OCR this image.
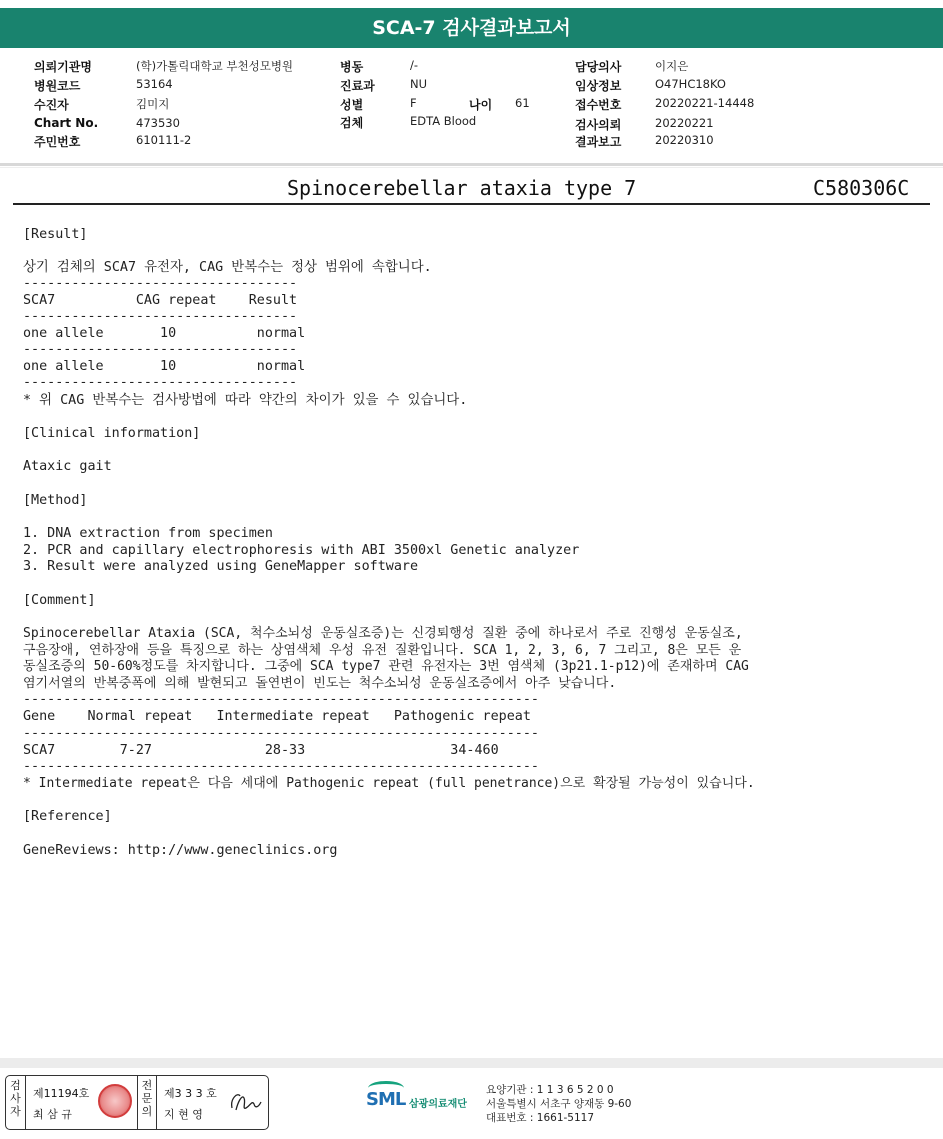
SCA-7 검사결과보고서
의뢰기관명	(학)가톨릭대학교 부천성모병원
병원코드	53164
수진자	김미지
Chart No.	473530
주민번호	610111-2
병동	/-
진료과	NU
성별	F	나이 61
검체	EDTA Blood
담당의사	이지은
임상정보	O47HC18KO
접수번호	20220221-14448
검사의뢰	20220221
결과보고	20220310
Spinocerebellar ataxia type 7	C580306C
[Result]
상기 검체의 SCA7 유전자, CAG 반복수는 정상 범위에 속합니다.
----------------------------------
SCA7          CAG repeat    Result
----------------------------------
one allele       10          normal
----------------------------------
one allele       10          normal
----------------------------------
* 위 CAG 반복수는 검사방법에 따라 약간의 차이가 있을 수 있습니다.
[Clinical information]
Ataxic gait
[Method]
1. DNA extraction from specimen
2. PCR and capillary electrophoresis with ABI 3500xl Genetic analyzer
3. Result were analyzed using GeneMapper software
[Comment]
Spinocerebellar Ataxia (SCA, 척수소뇌성 운동실조증)는 신경퇴행성 질환 중에 하나로서 주로 진행성 운동실조,
구음장애, 연하장애 등을 특징으로 하는 상염색체 우성 유전 질환입니다. SCA 1, 2, 3, 6, 7 그리고, 8은 모든 운
동실조증의 50-60%정도를 차지합니다. 그중에 SCA type7 관련 유전자는 3번 염색체 (3p21.1-p12)에 존재하며 CAG
염기서열의 반복중폭에 의해 발현되고 돌연변이 빈도는 척수소뇌성 운동실조증에서 아주 낮습니다.
----------------------------------------------------------------
Gene    Normal repeat   Intermediate repeat   Pathogenic repeat
----------------------------------------------------------------
SCA7        7-27              28-33                  34-460
----------------------------------------------------------------
* Intermediate repeat은 다음 세대에 Pathogenic repeat (full penetrance)으로 확장될 가능성이 있습니다.
[Reference]
GeneReviews: http://www.geneclinics.org
검사자
제11194호
최 삼 규
전문의
제3 3 3 호
지 현 영
SML 삼광의료재단
요양기관 : 1 1 3 6 5 2 0 0
서울특별시 서초구 양재동 9-60
대표번호 : 1661-5117
